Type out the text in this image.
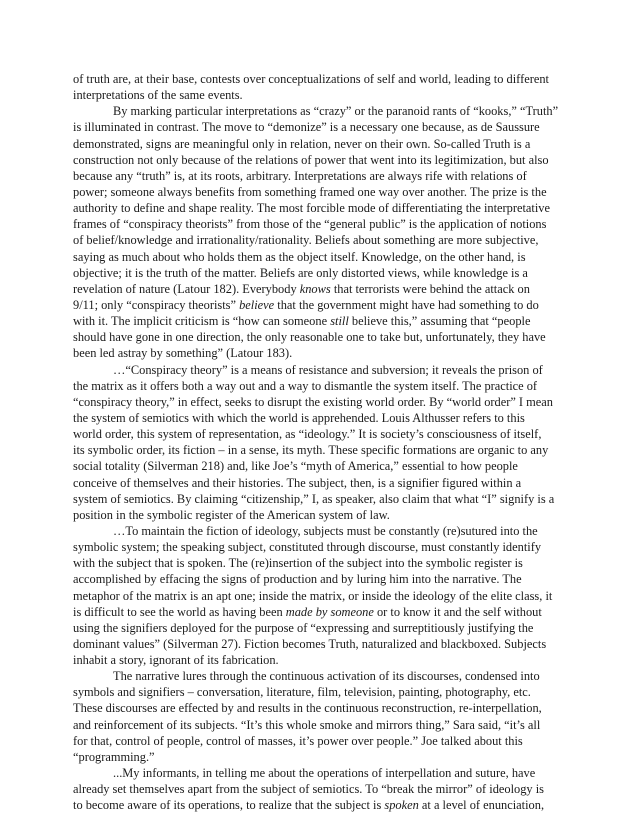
of truth are, at their base, contests over conceptualizations of self and world, leading to different
interpretations of the same events.
By marking particular interpretations as “crazy” or the paranoid rants of “kooks,” “Truth”
is illuminated in contrast. The move to “demonize” is a necessary one because, as de Saussure
demonstrated, signs are meaningful only in relation, never on their own. So-called Truth is a
construction not only because of the relations of power that went into its legitimization, but also
because any “truth” is, at its roots, arbitrary. Interpretations are always rife with relations of
power; someone always benefits from something framed one way over another. The prize is the
authority to define and shape reality. The most forcible mode of differentiating the interpretative
frames of “conspiracy theorists” from those of the “general public” is the application of notions
of belief/knowledge and irrationality/rationality. Beliefs about something are more subjective,
saying as much about who holds them as the object itself. Knowledge, on the other hand, is
objective; it is the truth of the matter. Beliefs are only distorted views, while knowledge is a
revelation of nature (Latour 182). Everybody knows that terrorists were behind the attack on
9/11; only “conspiracy theorists” believe that the government might have had something to do
with it. The implicit criticism is “how can someone still believe this,” assuming that “people
should have gone in one direction, the only reasonable one to take but, unfortunately, they have
been led astray by something” (Latour 183).
…“Conspiracy theory” is a means of resistance and subversion; it reveals the prison of
the matrix as it offers both a way out and a way to dismantle the system itself. The practice of
“conspiracy theory,” in effect, seeks to disrupt the existing world order. By “world order” I mean
the system of semiotics with which the world is apprehended. Louis Althusser refers to this
world order, this system of representation, as “ideology.” It is society’s consciousness of itself,
its symbolic order, its fiction – in a sense, its myth. These specific formations are organic to any
social totality (Silverman 218) and, like Joe’s “myth of America,” essential to how people
conceive of themselves and their histories. The subject, then, is a signifier figured within a
system of semiotics. By claiming “citizenship,” I, as speaker, also claim that what “I” signify is a
position in the symbolic register of the American system of law.
…To maintain the fiction of ideology, subjects must be constantly (re)sutured into the
symbolic system; the speaking subject, constituted through discourse, must constantly identify
with the subject that is spoken. The (re)insertion of the subject into the symbolic register is
accomplished by effacing the signs of production and by luring him into the narrative. The
metaphor of the matrix is an apt one; inside the matrix, or inside the ideology of the elite class, it
is difficult to see the world as having been made by someone or to know it and the self without
using the signifiers deployed for the purpose of “expressing and surreptitiously justifying the
dominant values” (Silverman 27). Fiction becomes Truth, naturalized and blackboxed. Subjects
inhabit a story, ignorant of its fabrication.
The narrative lures through the continuous activation of its discourses, condensed into
symbols and signifiers – conversation, literature, film, television, painting, photography, etc.
These discourses are effected by and results in the continuous reconstruction, re-interpellation,
and reinforcement of its subjects. “It’s this whole smoke and mirrors thing,” Sara said, “it’s all
for that, control of people, control of masses, it’s power over people.” Joe talked about this
“programming.”
...My informants, in telling me about the operations of interpellation and suture, have
already set themselves apart from the subject of semiotics. To “break the mirror” of ideology is
to become aware of its operations, to realize that the subject is spoken at a level of enunciation,
